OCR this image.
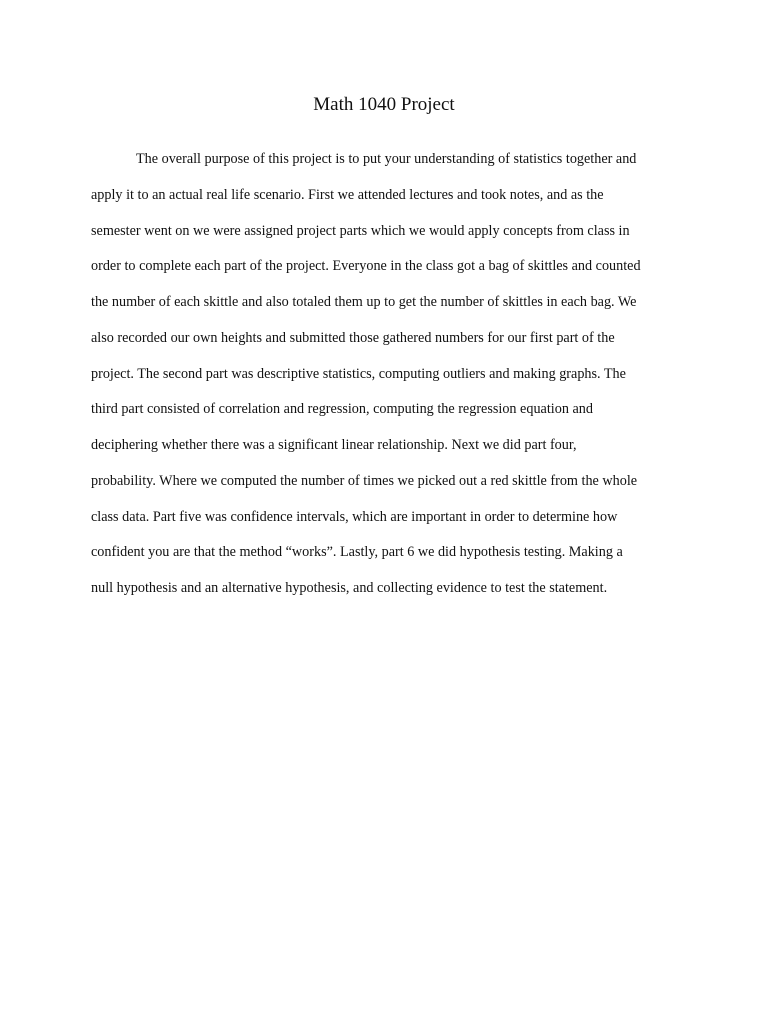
Math 1040 Project
The overall purpose of this project is to put your understanding of statistics together and
apply it to an actual real life scenario. First we attended lectures and took notes, and as the
semester went on we were assigned project parts which we would apply concepts from class in
order to complete each part of the project. Everyone in the class got a bag of skittles and counted
the number of each skittle and also totaled them up to get the number of skittles in each bag. We
also recorded our own heights and submitted those gathered numbers for our first part of the
project. The second part was descriptive statistics, computing outliers and making graphs. The
third part consisted of correlation and regression, computing the regression equation and
deciphering whether there was a significant linear relationship. Next we did part four,
probability. Where we computed the number of times we picked out a red skittle from the whole
class data. Part five was confidence intervals, which are important in order to determine how
confident you are that the method “works”. Lastly, part 6 we did hypothesis testing. Making a
null hypothesis and an alternative hypothesis, and collecting evidence to test the statement.
